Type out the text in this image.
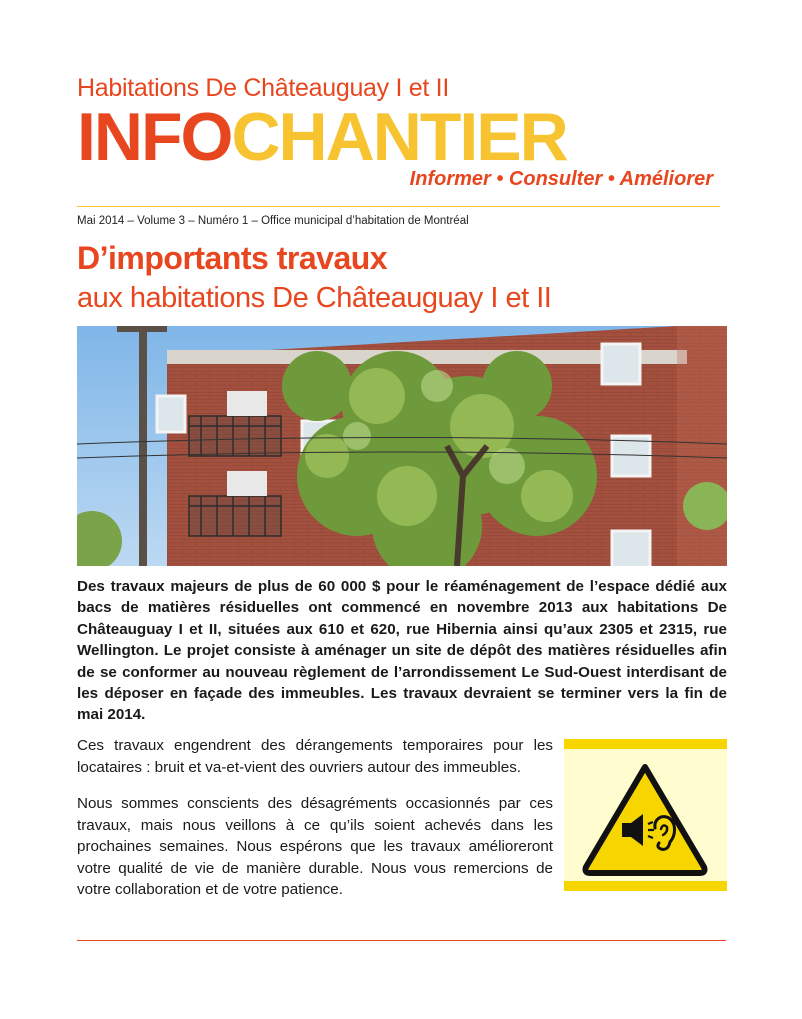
Habitations De Châteauguay I et II
INFOCHANTIER
Informer • Consulter • Améliorer
Mai 2014 – Volume 3 – Numéro 1 – Office municipal d’habitation de Montréal
D’importants travaux
aux habitations De Châteauguay I et II

Des travaux majeurs de plus de 60 000 $ pour le réaménagement de l’espace dédié aux bacs de matières résiduelles ont commencé en novembre 2013 aux habitations De Châteauguay I et II, situées aux 610 et 620, rue Hibernia ainsi qu’aux 2305 et 2315, rue Wellington. Le projet consiste à aménager un site de dépôt des matières résiduelles afin de se conformer au nouveau règlement de l’arrondissement Le Sud-Ouest interdisant de les déposer en façade des immeubles. Les travaux devraient se terminer vers la fin de mai 2014.

Ces travaux engendrent des dérangements temporaires pour les locataires : bruit et va-et-vient des ouvriers autour des immeubles.

Nous sommes conscients des désagréments occasionnés par ces travaux, mais nous veillons à ce qu’ils soient achevés dans les prochaines semaines. Nous espérons que les travaux amélioreront votre qualité de vie de manière durable. Nous vous remercions de votre collaboration et de votre patience.
